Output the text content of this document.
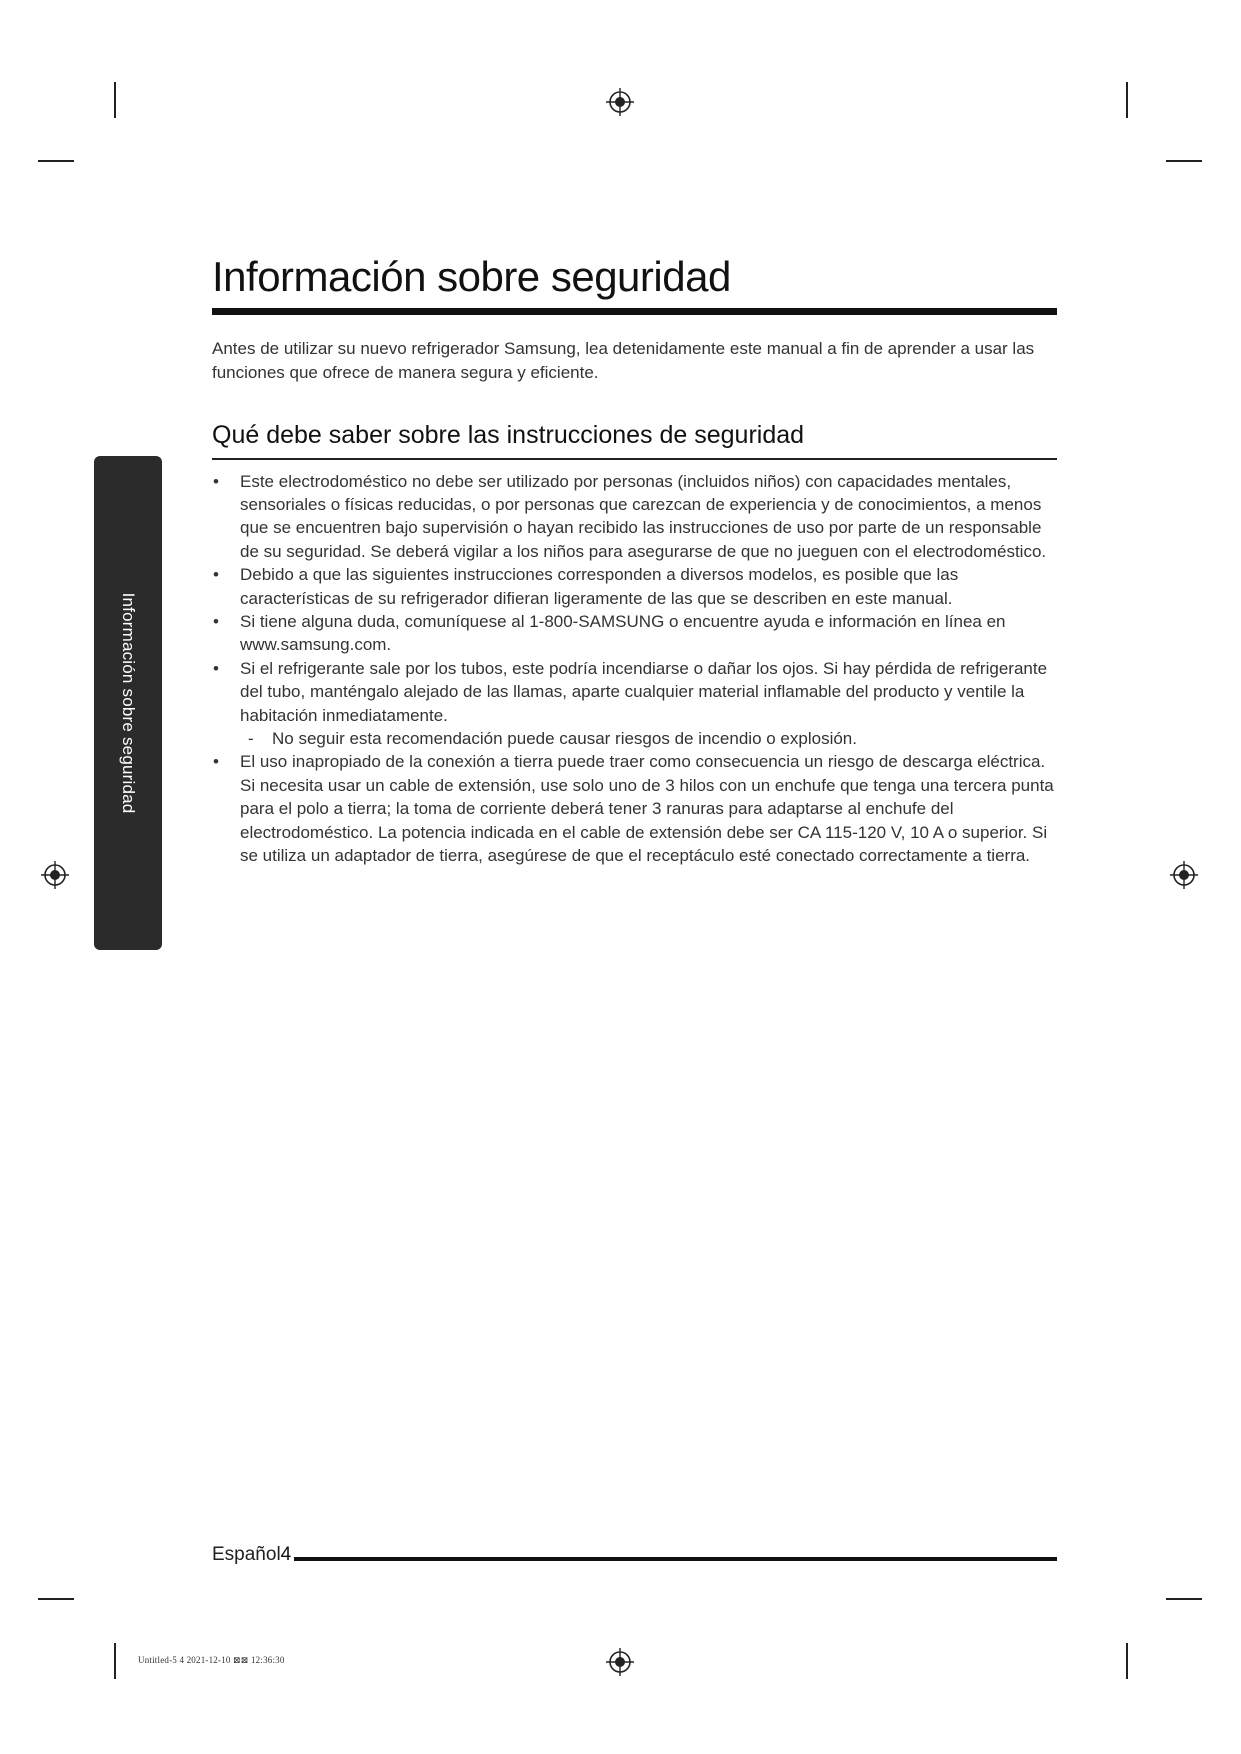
Información sobre seguridad
Información sobre seguridad

Antes de utilizar su nuevo refrigerador Samsung, lea detenidamente este manual a fin de aprender a usar las funciones que ofrece de manera segura y eficiente.

Qué debe saber sobre las instrucciones de seguridad
• Este electrodoméstico no debe ser utilizado por personas (incluidos niños) con capacidades mentales, sensoriales o físicas reducidas, o por personas que carezcan de experiencia y de conocimientos, a menos que se encuentren bajo supervisión o hayan recibido las instrucciones de uso por parte de un responsable de su seguridad. Se deberá vigilar a los niños para asegurarse de que no jueguen con el electrodoméstico.
• Debido a que las siguientes instrucciones corresponden a diversos modelos, es posible que las características de su refrigerador difieran ligeramente de las que se describen en este manual.
• Si tiene alguna duda, comuníquese al 1-800-SAMSUNG o encuentre ayuda e información en línea en www.samsung.com.
• Si el refrigerante sale por los tubos, este podría incendiarse o dañar los ojos. Si hay pérdida de refrigerante del tubo, manténgalo alejado de las llamas, aparte cualquier material inflamable del producto y ventile la habitación inmediatamente.
- No seguir esta recomendación puede causar riesgos de incendio o explosión.
• El uso inapropiado de la conexión a tierra puede traer como consecuencia un riesgo de descarga eléctrica. Si necesita usar un cable de extensión, use solo uno de 3 hilos con un enchufe que tenga una tercera punta para el polo a tierra; la toma de corriente deberá tener 3 ranuras para adaptarse al enchufe del electrodoméstico. La potencia indicada en el cable de extensión debe ser CA 115-120 V, 10 A o superior. Si se utiliza un adaptador de tierra, asegúrese de que el receptáculo esté conectado correctamente a tierra.
Español4
Untitled-5 4 2021-12-10 ⊠⊠ 12:36:30
